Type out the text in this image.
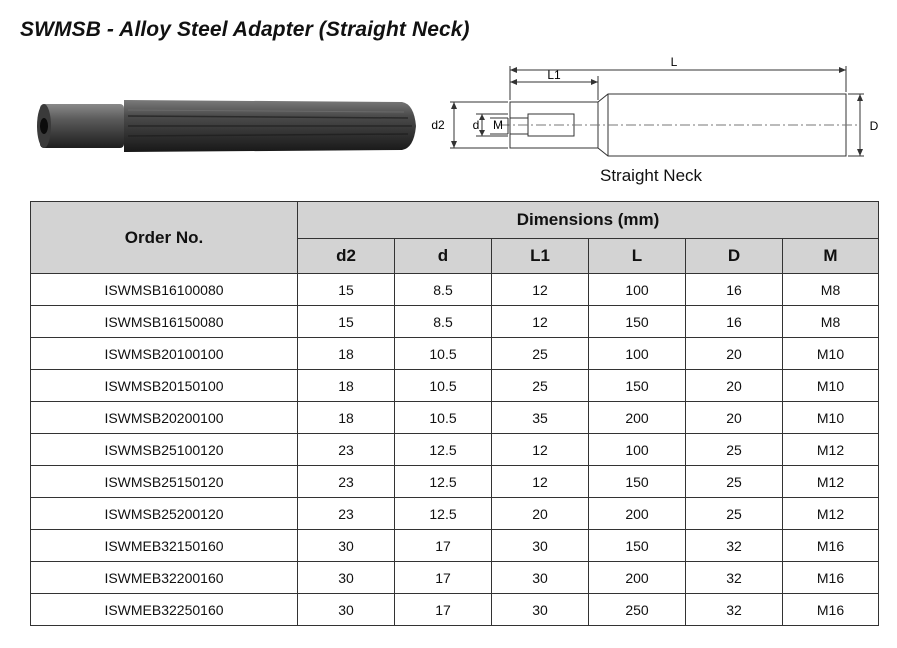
SWMSB - Alloy Steel Adapter (Straight Neck)
L
L1
d2 d M	D
Straight Neck
Order No.	Dimensions (mm)					
	d2	d	L1	L	D	M
ISWMSB16100080	15	8.5	12	100	16	M8
ISWMSB16150080	15	8.5	12	150	16	M8
ISWMSB20100100	18	10.5	25	100	20	M10
ISWMSB20150100	18	10.5	25	150	20	M10
ISWMSB20200100	18	10.5	35	200	20	M10
ISWMSB25100120	23	12.5	12	100	25	M12
ISWMSB25150120	23	12.5	12	150	25	M12
ISWMSB25200120	23	12.5	20	200	25	M12
ISWMEB32150160	30	17	30	150	32	M16
ISWMEB32200160	30	17	30	200	32	M16
ISWMEB32250160	30	17	30	250	32	M16
